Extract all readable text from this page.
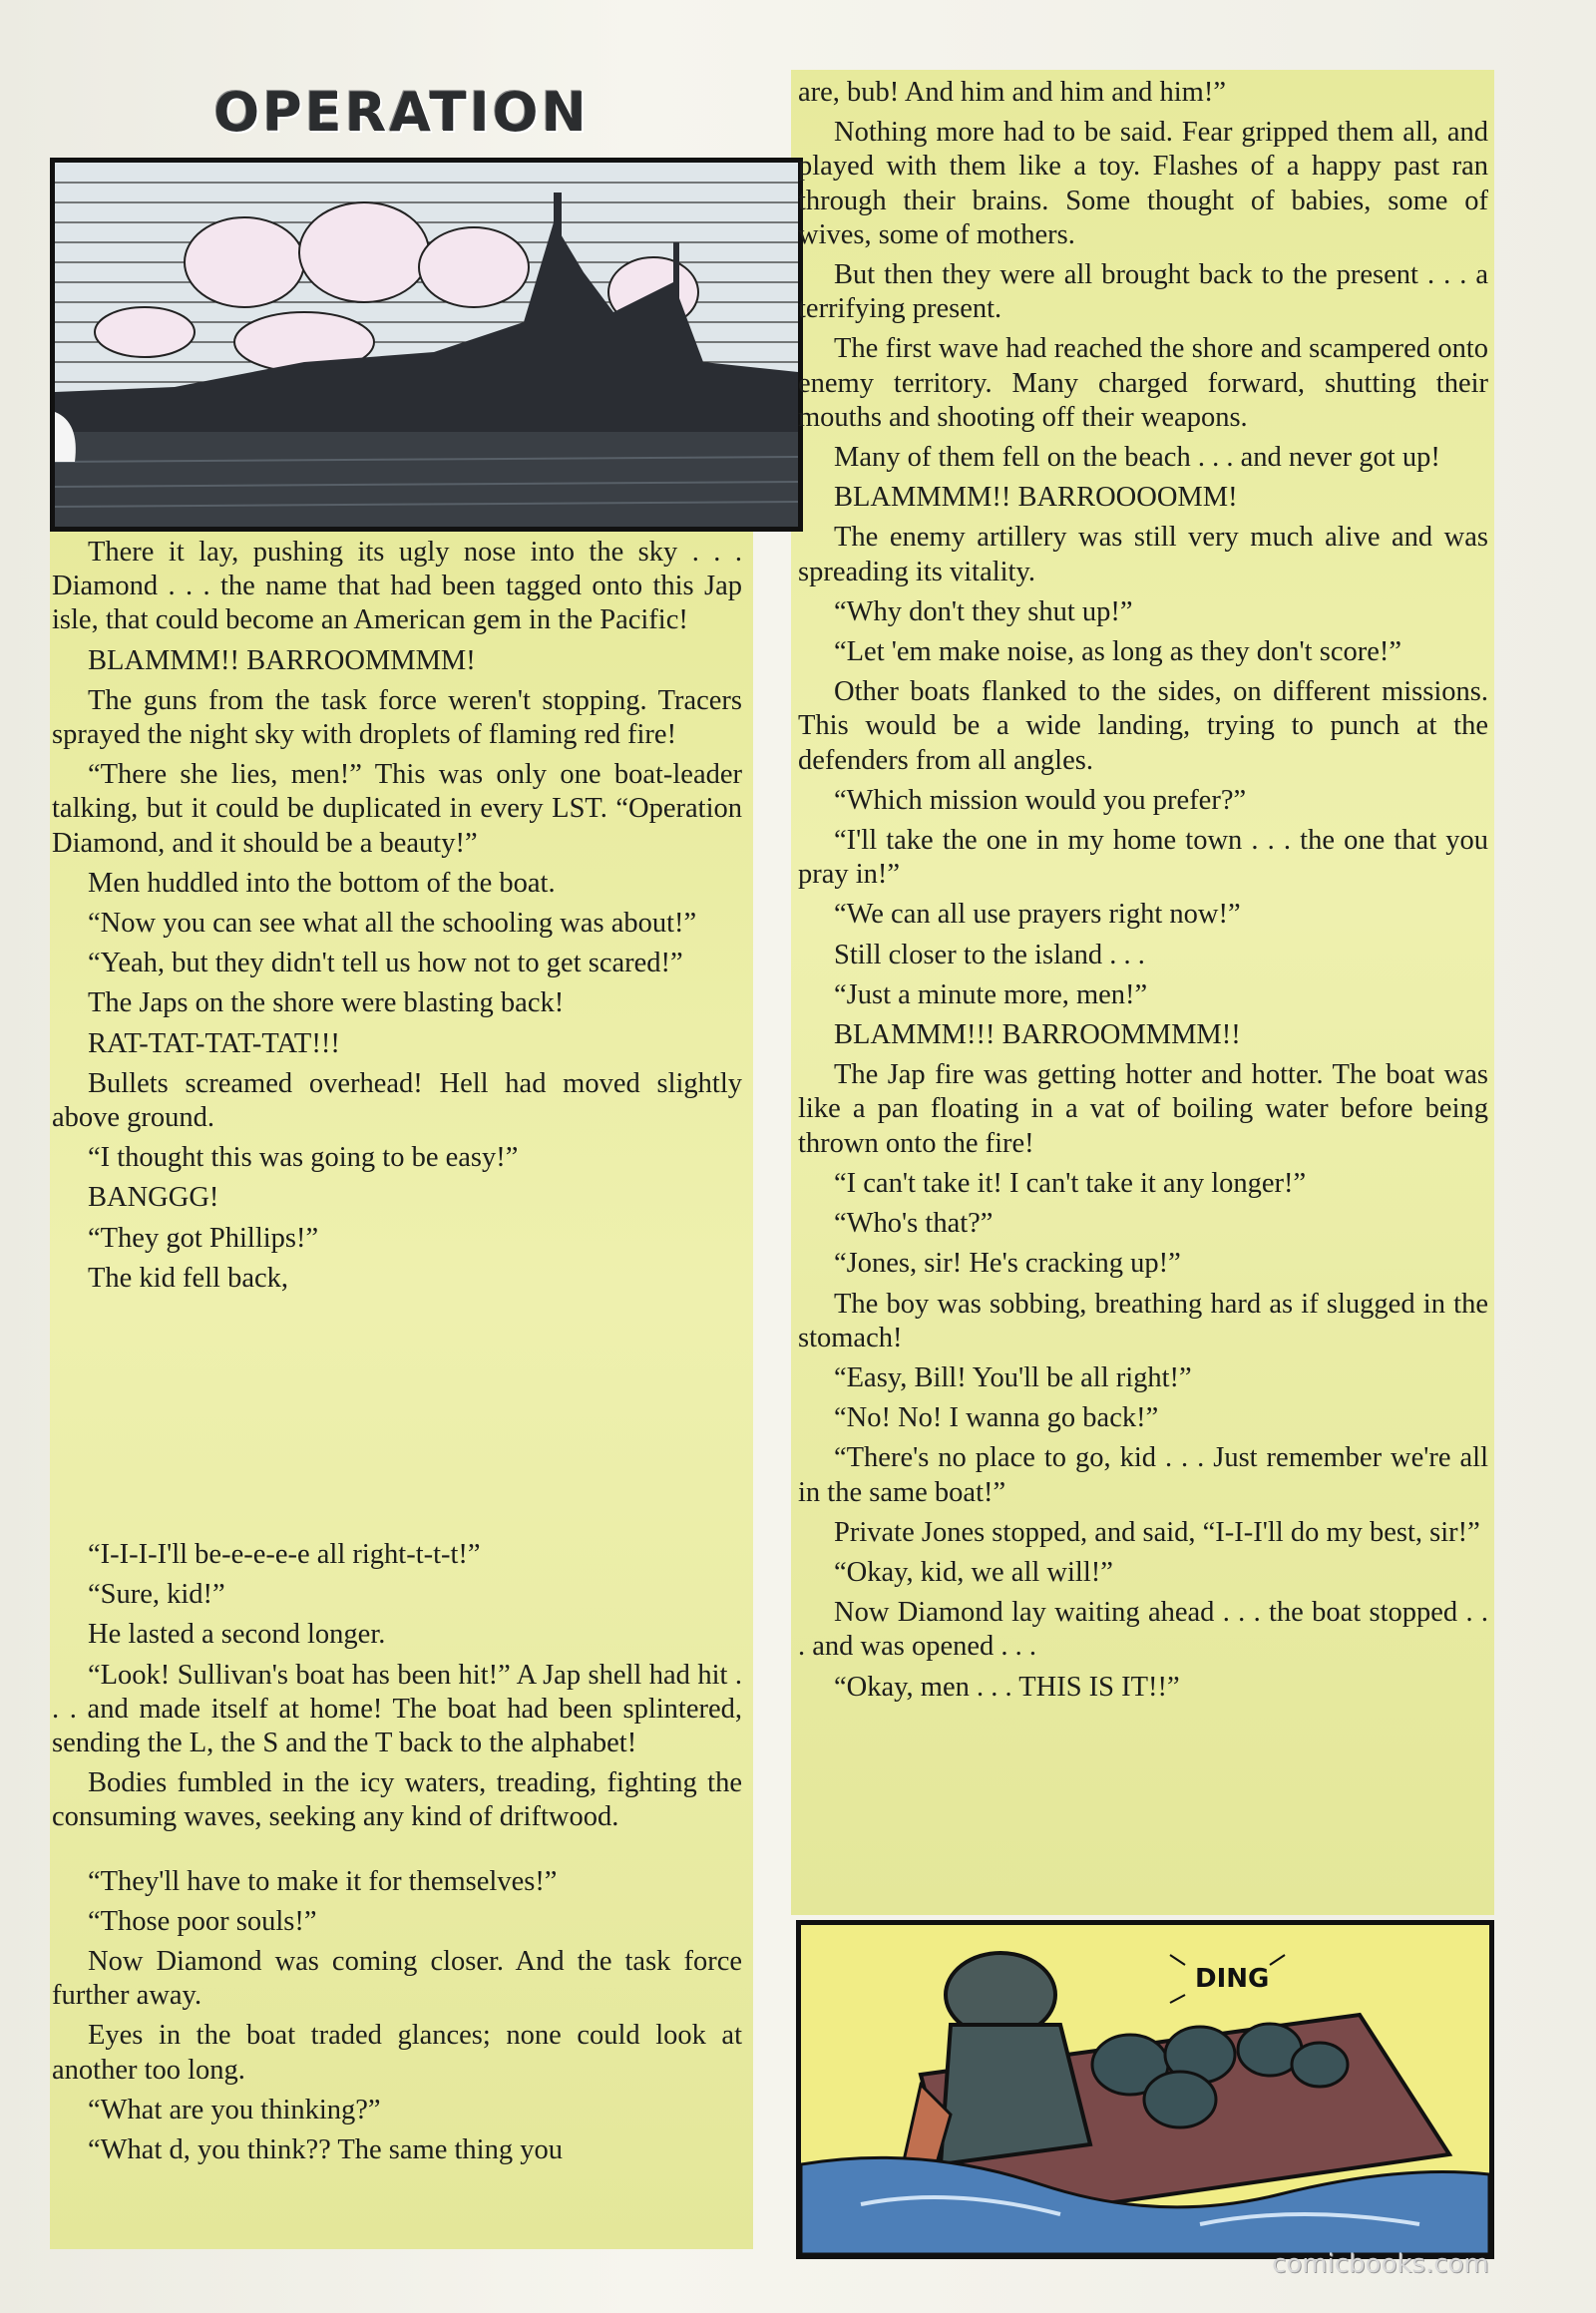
OPERATION

There it lay, pushing its ugly nose into the sky . . . Diamond . . . the name that had been tagged onto this Jap isle, that could become an American gem in the Pacific!

BLAMMM!! BARROOMMMM!

The guns from the task force weren't stopping. Tracers sprayed the night sky with droplets of flaming red fire!

“There she lies, men!” This was only one boat-leader talking, but it could be duplicated in every LST. “Operation Diamond, and it should be a beauty!”

Men huddled into the bottom of the boat.

“Now you can see what all the schooling was about!”

“Yeah, but they didn't tell us how not to get scared!”

The Japs on the shore were blasting back!

RAT-TAT-TAT-TAT!!!

Bullets screamed overhead! Hell had moved slightly above ground.

“I thought this was going to be easy!”

BANGGG!

“They got Phillips!”

The kid fell back,

“I-I-I-I'll be-e-e-e-e all right-t-t-t!”

“Sure, kid!”

He lasted a second longer.

“Look! Sullivan's boat has been hit!” A Jap shell had hit . . . and made itself at home! The boat had been splintered, sending the L, the S and the T back to the alphabet!

Bodies fumbled in the icy waters, treading, fighting the consuming waves, seeking any kind of driftwood.

“They'll have to make it for themselves!”

“Those poor souls!”

Now Diamond was coming closer. And the task force further away.

Eyes in the boat traded glances; none could look at another too long.

“What are you thinking?”

“What d, you think?? The same thing you

are, bub! And him and him and him!”

Nothing more had to be said. Fear gripped them all, and played with them like a toy. Flashes of a happy past ran through their brains. Some thought of babies, some of wives, some of mothers.

But then they were all brought back to the present . . . a terrifying present.

The first wave had reached the shore and scampered onto enemy territory. Many charged forward, shutting their mouths and shooting off their weapons.

Many of them fell on the beach . . . and never got up!

BLAMMMM!! BARROOOOMM!

The enemy artillery was still very much alive and was spreading its vitality.

“Why don't they shut up!”

“Let 'em make noise, as long as they don't score!”

Other boats flanked to the sides, on different missions. This would be a wide landing, trying to punch at the defenders from all angles.

“Which mission would you prefer?”

“I'll take the one in my home town . . . the one that you pray in!”

“We can all use prayers right now!”

Still closer to the island . . .

“Just a minute more, men!”

BLAMMM!!! BARROOMMMM!!

The Jap fire was getting hotter and hotter. The boat was like a pan floating in a vat of boiling water before being thrown onto the fire!

“I can't take it! I can't take it any longer!”

“Who's that?”

“Jones, sir! He's cracking up!”

The boy was sobbing, breathing hard as if slugged in the stomach!

“Easy, Bill! You'll be all right!”

“No! No! I wanna go back!”

“There's no place to go, kid . . . Just remember we're all in the same boat!”

Private Jones stopped, and said, “I-I-I'll do my best, sir!”

“Okay, kid, we all will!”

Now Diamond lay waiting ahead . . . the boat stopped . . . and was opened . . .

“Okay, men . . . THIS IS IT!!”

DING
comicbooks.com
